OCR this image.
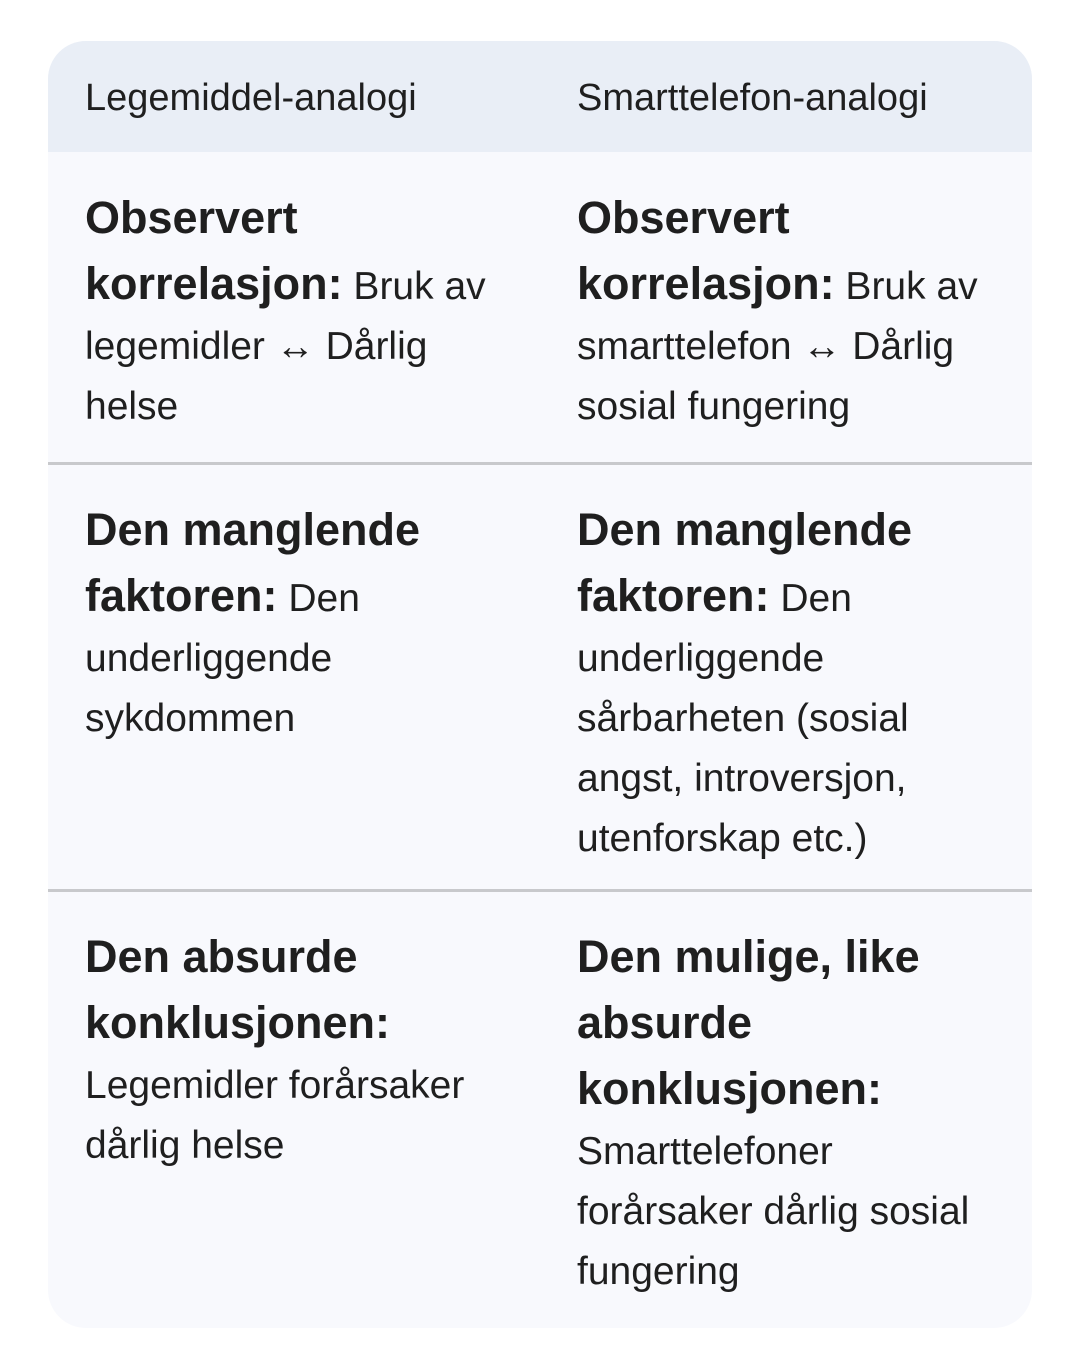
Legemiddel-analogi	Smarttelefon-analogi
Observert korrelasjon: Bruk av legemidler ↔ Dårlig helse
Observert korrelasjon: Bruk av smarttelefon ↔ Dårlig sosial fungering
Den manglende faktoren: Den underliggende sykdommen
Den manglende faktoren: Den underliggende sårbarheten (sosial angst, introversjon, utenforskap etc.)
Den absurde konklusjonen: Legemidler forårsaker dårlig helse
Den mulige, like absurde konklusjonen: Smarttelefoner forårsaker dårlig sosial fungering
